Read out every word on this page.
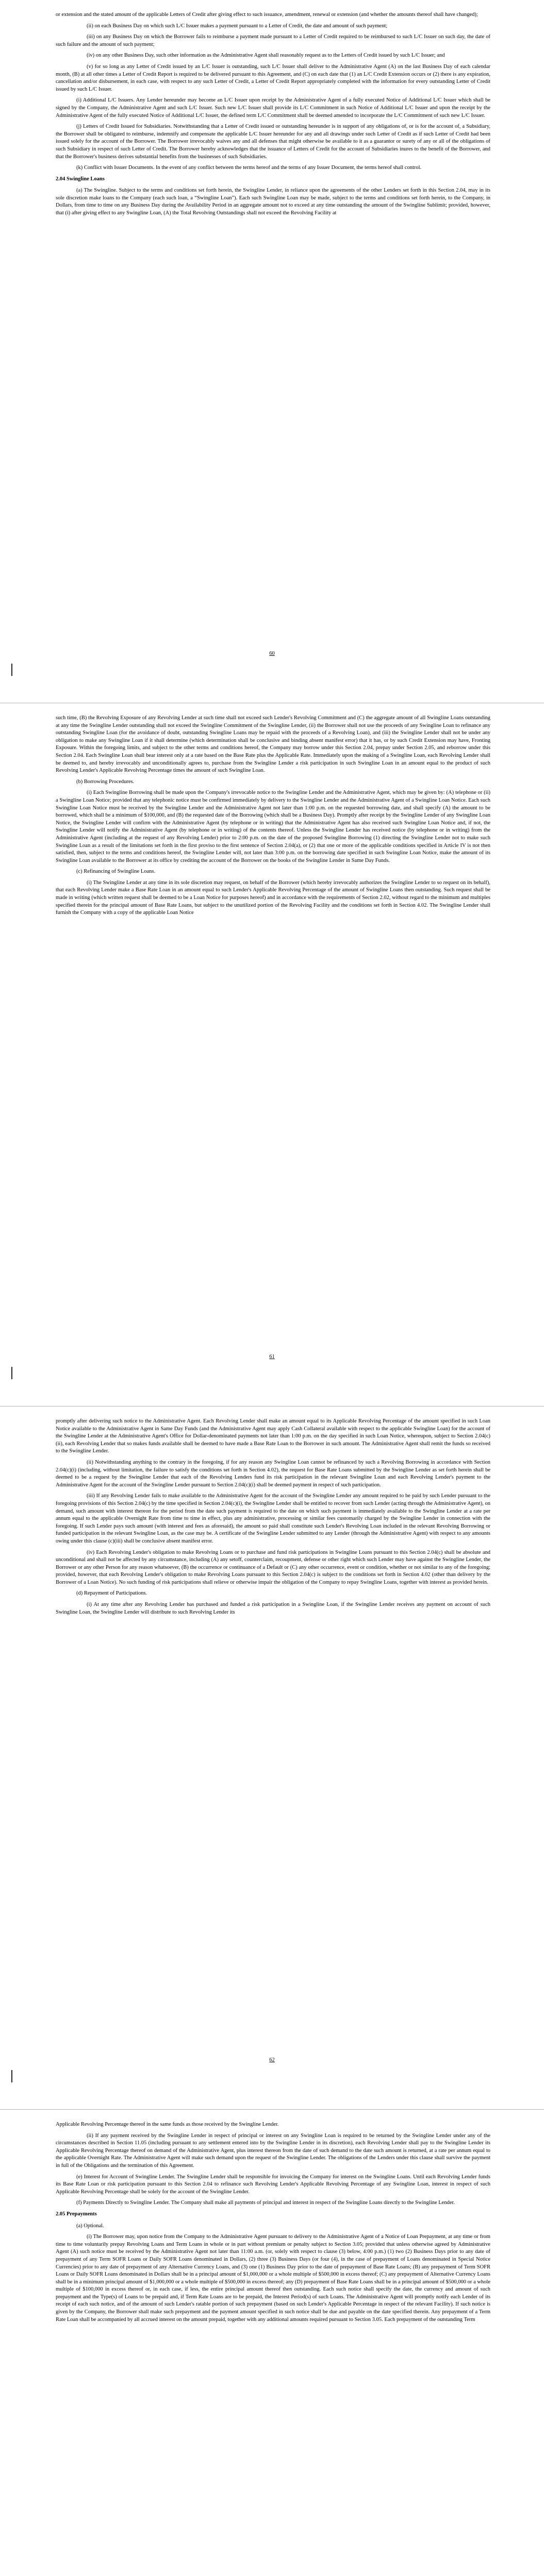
or extension and the stated amount of the applicable Letters of Credit after giving effect to such issuance, amendment, renewal or extension (and whether the amounts thereof shall have changed);

(ii) on each Business Day on which such L/C Issuer makes a payment pursuant to a Letter of Credit, the date and amount of such payment;

(iii) on any Business Day on which the Borrower fails to reimburse a payment made pursuant to a Letter of Credit required to be reimbursed to such L/C Issuer on such day, the date of such failure and the amount of such payment;

(iv) on any other Business Day, such other information as the Administrative Agent shall reasonably request as to the Letters of Credit issued by such L/C Issuer; and

(v) for so long as any Letter of Credit issued by an L/C Issuer is outstanding, such L/C Issuer shall deliver to the Administrative Agent (A) on the last Business Day of each calendar month, (B) at all other times a Letter of Credit Report is required to be delivered pursuant to this Agreement, and (C) on each date that (1) an L/C Credit Extension occurs or (2) there is any expiration, cancellation and/or disbursement, in each case, with respect to any such Letter of Credit, a Letter of Credit Report appropriately completed with the information for every outstanding Letter of Credit issued by such L/C Issuer.

(i) Additional L/C Issuers. Any Lender hereunder may become an L/C Issuer upon receipt by the Administrative Agent of a fully executed Notice of Additional L/C Issuer which shall be signed by the Company, the Administrative Agent and such L/C Issuer. Such new L/C Issuer shall provide its L/C Commitment in such Notice of Additional L/C Issuer and upon the receipt by the Administrative Agent of the fully executed Notice of Additional L/C Issuer, the defined term L/C Commitment shall be deemed amended to incorporate the L/C Commitment of such new L/C Issuer.

(j) Letters of Credit Issued for Subsidiaries. Notwithstanding that a Letter of Credit issued or outstanding hereunder is in support of any obligations of, or is for the account of, a Subsidiary, the Borrower shall be obligated to reimburse, indemnify and compensate the applicable L/C Issuer hereunder for any and all drawings under such Letter of Credit as if such Letter of Credit had been issued solely for the account of the Borrower. The Borrower irrevocably waives any and all defenses that might otherwise be available to it as a guarantor or surety of any or all of the obligations of such Subsidiary in respect of such Letter of Credit. The Borrower hereby acknowledges that the issuance of Letters of Credit for the account of Subsidiaries inures to the benefit of the Borrower, and that the Borrower's business derives substantial benefits from the businesses of such Subsidiaries.

(k) Conflict with Issuer Documents. In the event of any conflict between the terms hereof and the terms of any Issuer Document, the terms hereof shall control.

2.04 Swingline Loans

(a) The Swingline. Subject to the terms and conditions set forth herein, the Swingline Lender, in reliance upon the agreements of the other Lenders set forth in this Section 2.04, may in its sole discretion make loans to the Company (each such loan, a “Swingline Loan”). Each such Swingline Loan may be made, subject to the terms and conditions set forth herein, to the Company, in Dollars, from time to time on any Business Day during the Availability Period in an aggregate amount not to exceed at any time outstanding the amount of the Swingline Sublimit; provided, however, that (i) after giving effect to any Swingline Loan, (A) the Total Revolving Outstandings shall not exceed the Revolving Facility at

60

such time, (B) the Revolving Exposure of any Revolving Lender at such time shall not exceed such Lender's Revolving Commitment and (C) the aggregate amount of all Swingline Loans outstanding at any time the Swingline Lender outstanding shall not exceed the Swingline Commitment of the Swingline Lender, (ii) the Borrower shall not use the proceeds of any Swingline Loan to refinance any outstanding Swingline Loan (for the avoidance of doubt, outstanding Swingline Loans may be repaid with the proceeds of a Revolving Loan), and (iii) the Swingline Lender shall not be under any obligation to make any Swingline Loan if it shall determine (which determination shall be conclusive and binding absent manifest error) that it has, or by such Credit Extension may have, Fronting Exposure. Within the foregoing limits, and subject to the other terms and conditions hereof, the Company may borrow under this Section 2.04, prepay under Section 2.05, and reborrow under this Section 2.04. Each Swingline Loan shall bear interest only at a rate based on the Base Rate plus the Applicable Rate. Immediately upon the making of a Swingline Loan, each Revolving Lender shall be deemed to, and hereby irrevocably and unconditionally agrees to, purchase from the Swingline Lender a risk participation in such Swingline Loan in an amount equal to the product of such Revolving Lender's Applicable Revolving Percentage times the amount of such Swingline Loan.

(b) Borrowing Procedures.

(i) Each Swingline Borrowing shall be made upon the Company's irrevocable notice to the Swingline Lender and the Administrative Agent, which may be given by: (A) telephone or (ii) a Swingline Loan Notice; provided that any telephonic notice must be confirmed immediately by delivery to the Swingline Lender and the Administrative Agent of a Swingline Loan Notice. Each such Swingline Loan Notice must be received by the Swingline Lender and the Administrative Agent not later than 1:00 p.m. on the requested borrowing date, and shall specify (A) the amount to be borrowed, which shall be a minimum of $100,000, and (B) the requested date of the Borrowing (which shall be a Business Day). Promptly after receipt by the Swingline Lender of any Swingline Loan Notice, the Swingline Lender will confirm with the Administrative Agent (by telephone or in writing) that the Administrative Agent has also received such Swingline Loan Notice and, if not, the Swingline Lender will notify the Administrative Agent (by telephone or in writing) of the contents thereof. Unless the Swingline Lender has received notice (by telephone or in writing) from the Administrative Agent (including at the request of any Revolving Lender) prior to 2:00 p.m. on the date of the proposed Swingline Borrowing (1) directing the Swingline Lender not to make such Swingline Loan as a result of the limitations set forth in the first proviso to the first sentence of Section 2.04(a), or (2) that one or more of the applicable conditions specified in Article IV is not then satisfied, then, subject to the terms and conditions hereof, the Swingline Lender will, not later than 3:00 p.m. on the borrowing date specified in such Swingline Loan Notice, make the amount of its Swingline Loan available to the Borrower at its office by crediting the account of the Borrower on the books of the Swingline Lender in Same Day Funds.

(c) Refinancing of Swingline Loans.

(i) The Swingline Lender at any time in its sole discretion may request, on behalf of the Borrower (which hereby irrevocably authorizes the Swingline Lender to so request on its behalf), that each Revolving Lender make a Base Rate Loan in an amount equal to such Lender's Applicable Revolving Percentage of the amount of Swingline Loans then outstanding. Such request shall be made in writing (which written request shall be deemed to be a Loan Notice for purposes hereof) and in accordance with the requirements of Section 2.02, without regard to the minimum and multiples specified therein for the principal amount of Base Rate Loans, but subject to the unutilized portion of the Revolving Facility and the conditions set forth in Section 4.02. The Swingline Lender shall furnish the Company with a copy of the applicable Loan Notice

61

promptly after delivering such notice to the Administrative Agent. Each Revolving Lender shall make an amount equal to its Applicable Revolving Percentage of the amount specified in such Loan Notice available to the Administrative Agent in Same Day Funds (and the Administrative Agent may apply Cash Collateral available with respect to the applicable Swingline Loan) for the account of the Swingline Lender at the Administrative Agent's Office for Dollar-denominated payments not later than 1:00 p.m. on the day specified in such Loan Notice, whereupon, subject to Section 2.04(c)(ii), each Revolving Lender that so makes funds available shall be deemed to have made a Base Rate Loan to the Borrower in such amount. The Administrative Agent shall remit the funds so received to the Swingline Lender.

(ii) Notwithstanding anything to the contrary in the foregoing, if for any reason any Swingline Loan cannot be refinanced by such a Revolving Borrowing in accordance with Section 2.04(c)(i) (including, without limitation, the failure to satisfy the conditions set forth in Section 4.02), the request for Base Rate Loans submitted by the Swingline Lender as set forth herein shall be deemed to be a request by the Swingline Lender that each of the Revolving Lenders fund its risk participation in the relevant Swingline Loan and each Revolving Lender's payment to the Administrative Agent for the account of the Swingline Lender pursuant to Section 2.04(c)(i) shall be deemed payment in respect of such participation.

(iii) If any Revolving Lender fails to make available to the Administrative Agent for the account of the Swingline Lender any amount required to be paid by such Lender pursuant to the foregoing provisions of this Section 2.04(c) by the time specified in Section 2.04(c)(i), the Swingline Lender shall be entitled to recover from such Lender (acting through the Administrative Agent), on demand, such amount with interest thereon for the period from the date such payment is required to the date on which such payment is immediately available to the Swingline Lender at a rate per annum equal to the applicable Overnight Rate from time to time in effect, plus any administrative, processing or similar fees customarily charged by the Swingline Lender in connection with the foregoing. If such Lender pays such amount (with interest and fees as aforesaid), the amount so paid shall constitute such Lender's Revolving Loan included in the relevant Revolving Borrowing or funded participation in the relevant Swingline Loan, as the case may be. A certificate of the Swingline Lender submitted to any Lender (through the Administrative Agent) with respect to any amounts owing under this clause (c)(iii) shall be conclusive absent manifest error.

(iv) Each Revolving Lender's obligation to make Revolving Loans or to purchase and fund risk participations in Swingline Loans pursuant to this Section 2.04(c) shall be absolute and unconditional and shall not be affected by any circumstance, including (A) any setoff, counterclaim, recoupment, defense or other right which such Lender may have against the Swingline Lender, the Borrower or any other Person for any reason whatsoever, (B) the occurrence or continuance of a Default or (C) any other occurrence, event or condition, whether or not similar to any of the foregoing; provided, however, that each Revolving Lender's obligation to make Revolving Loans pursuant to this Section 2.04(c) is subject to the conditions set forth in Section 4.02 (other than delivery by the Borrower of a Loan Notice). No such funding of risk participations shall relieve or otherwise impair the obligation of the Company to repay Swingline Loans, together with interest as provided herein.

(d) Repayment of Participations.

(i) At any time after any Revolving Lender has purchased and funded a risk participation in a Swingline Loan, if the Swingline Lender receives any payment on account of such Swingline Loan, the Swingline Lender will distribute to such Revolving Lender its

62

Applicable Revolving Percentage thereof in the same funds as those received by the Swingline Lender.

(ii) If any payment received by the Swingline Lender in respect of principal or interest on any Swingline Loan is required to be returned by the Swingline Lender under any of the circumstances described in Section 11.05 (including pursuant to any settlement entered into by the Swingline Lender in its discretion), each Revolving Lender shall pay to the Swingline Lender its Applicable Revolving Percentage thereof on demand of the Administrative Agent, plus interest thereon from the date of such demand to the date such amount is returned, at a rate per annum equal to the applicable Overnight Rate. The Administrative Agent will make such demand upon the request of the Swingline Lender. The obligations of the Lenders under this clause shall survive the payment in full of the Obligations and the termination of this Agreement.

(e) Interest for Account of Swingline Lender. The Swingline Lender shall be responsible for invoicing the Company for interest on the Swingline Loans. Until each Revolving Lender funds its Base Rate Loan or risk participation pursuant to this Section 2.04 to refinance such Revolving Lender's Applicable Revolving Percentage of any Swingline Loan, interest in respect of such Applicable Revolving Percentage shall be solely for the account of the Swingline Lender.

(f) Payments Directly to Swingline Lender. The Company shall make all payments of principal and interest in respect of the Swingline Loans directly to the Swingline Lender.

2.05 Prepayments

(a) Optional.

(i) The Borrower may, upon notice from the Company to the Administrative Agent pursuant to delivery to the Administrative Agent of a Notice of Loan Prepayment, at any time or from time to time voluntarily prepay Revolving Loans and Term Loans in whole or in part without premium or penalty subject to Section 3.05; provided that unless otherwise agreed by Administrative Agent (A) such notice must be received by the Administrative Agent not later than 11:00 a.m. (or, solely with respect to clause (3) below, 4:00 p.m.) (1) two (2) Business Days prior to any date of prepayment of any Term SOFR Loans or Daily SOFR Loans denominated in Dollars, (2) three (3) Business Days (or four (4), in the case of prepayment of Loans denominated in Special Notice Currencies) prior to any date of prepayment of any Alternative Currency Loans, and (3) one (1) Business Day prior to the date of prepayment of Base Rate Loans; (B) any prepayment of Term SOFR Loans or Daily SOFR Loans denominated in Dollars shall be in a principal amount of $1,000,000 or a whole multiple of $500,000 in excess thereof; (C) any prepayment of Alternative Currency Loans shall be in a minimum principal amount of $1,000,000 or a whole multiple of $500,000 in excess thereof; any (D) prepayment of Base Rate Loans shall be in a principal amount of $500,000 or a whole multiple of $100,000 in excess thereof or, in each case, if less, the entire principal amount thereof then outstanding. Each such notice shall specify the date, the currency and amount of such prepayment and the Type(s) of Loans to be prepaid and, if Term Rate Loans are to be prepaid, the Interest Period(s) of such Loans. The Administrative Agent will promptly notify each Lender of its receipt of each such notice, and of the amount of such Lender's ratable portion of such prepayment (based on such Lender's Applicable Percentage in respect of the relevant Facility). If such notice is given by the Company, the Borrower shall make such prepayment and the payment amount specified in such notice shall be due and payable on the date specified therein. Any prepayment of a Term Rate Loan shall be accompanied by all accrued interest on the amount prepaid, together with any additional amounts required pursuant to Section 3.05. Each prepayment of the outstanding Term
